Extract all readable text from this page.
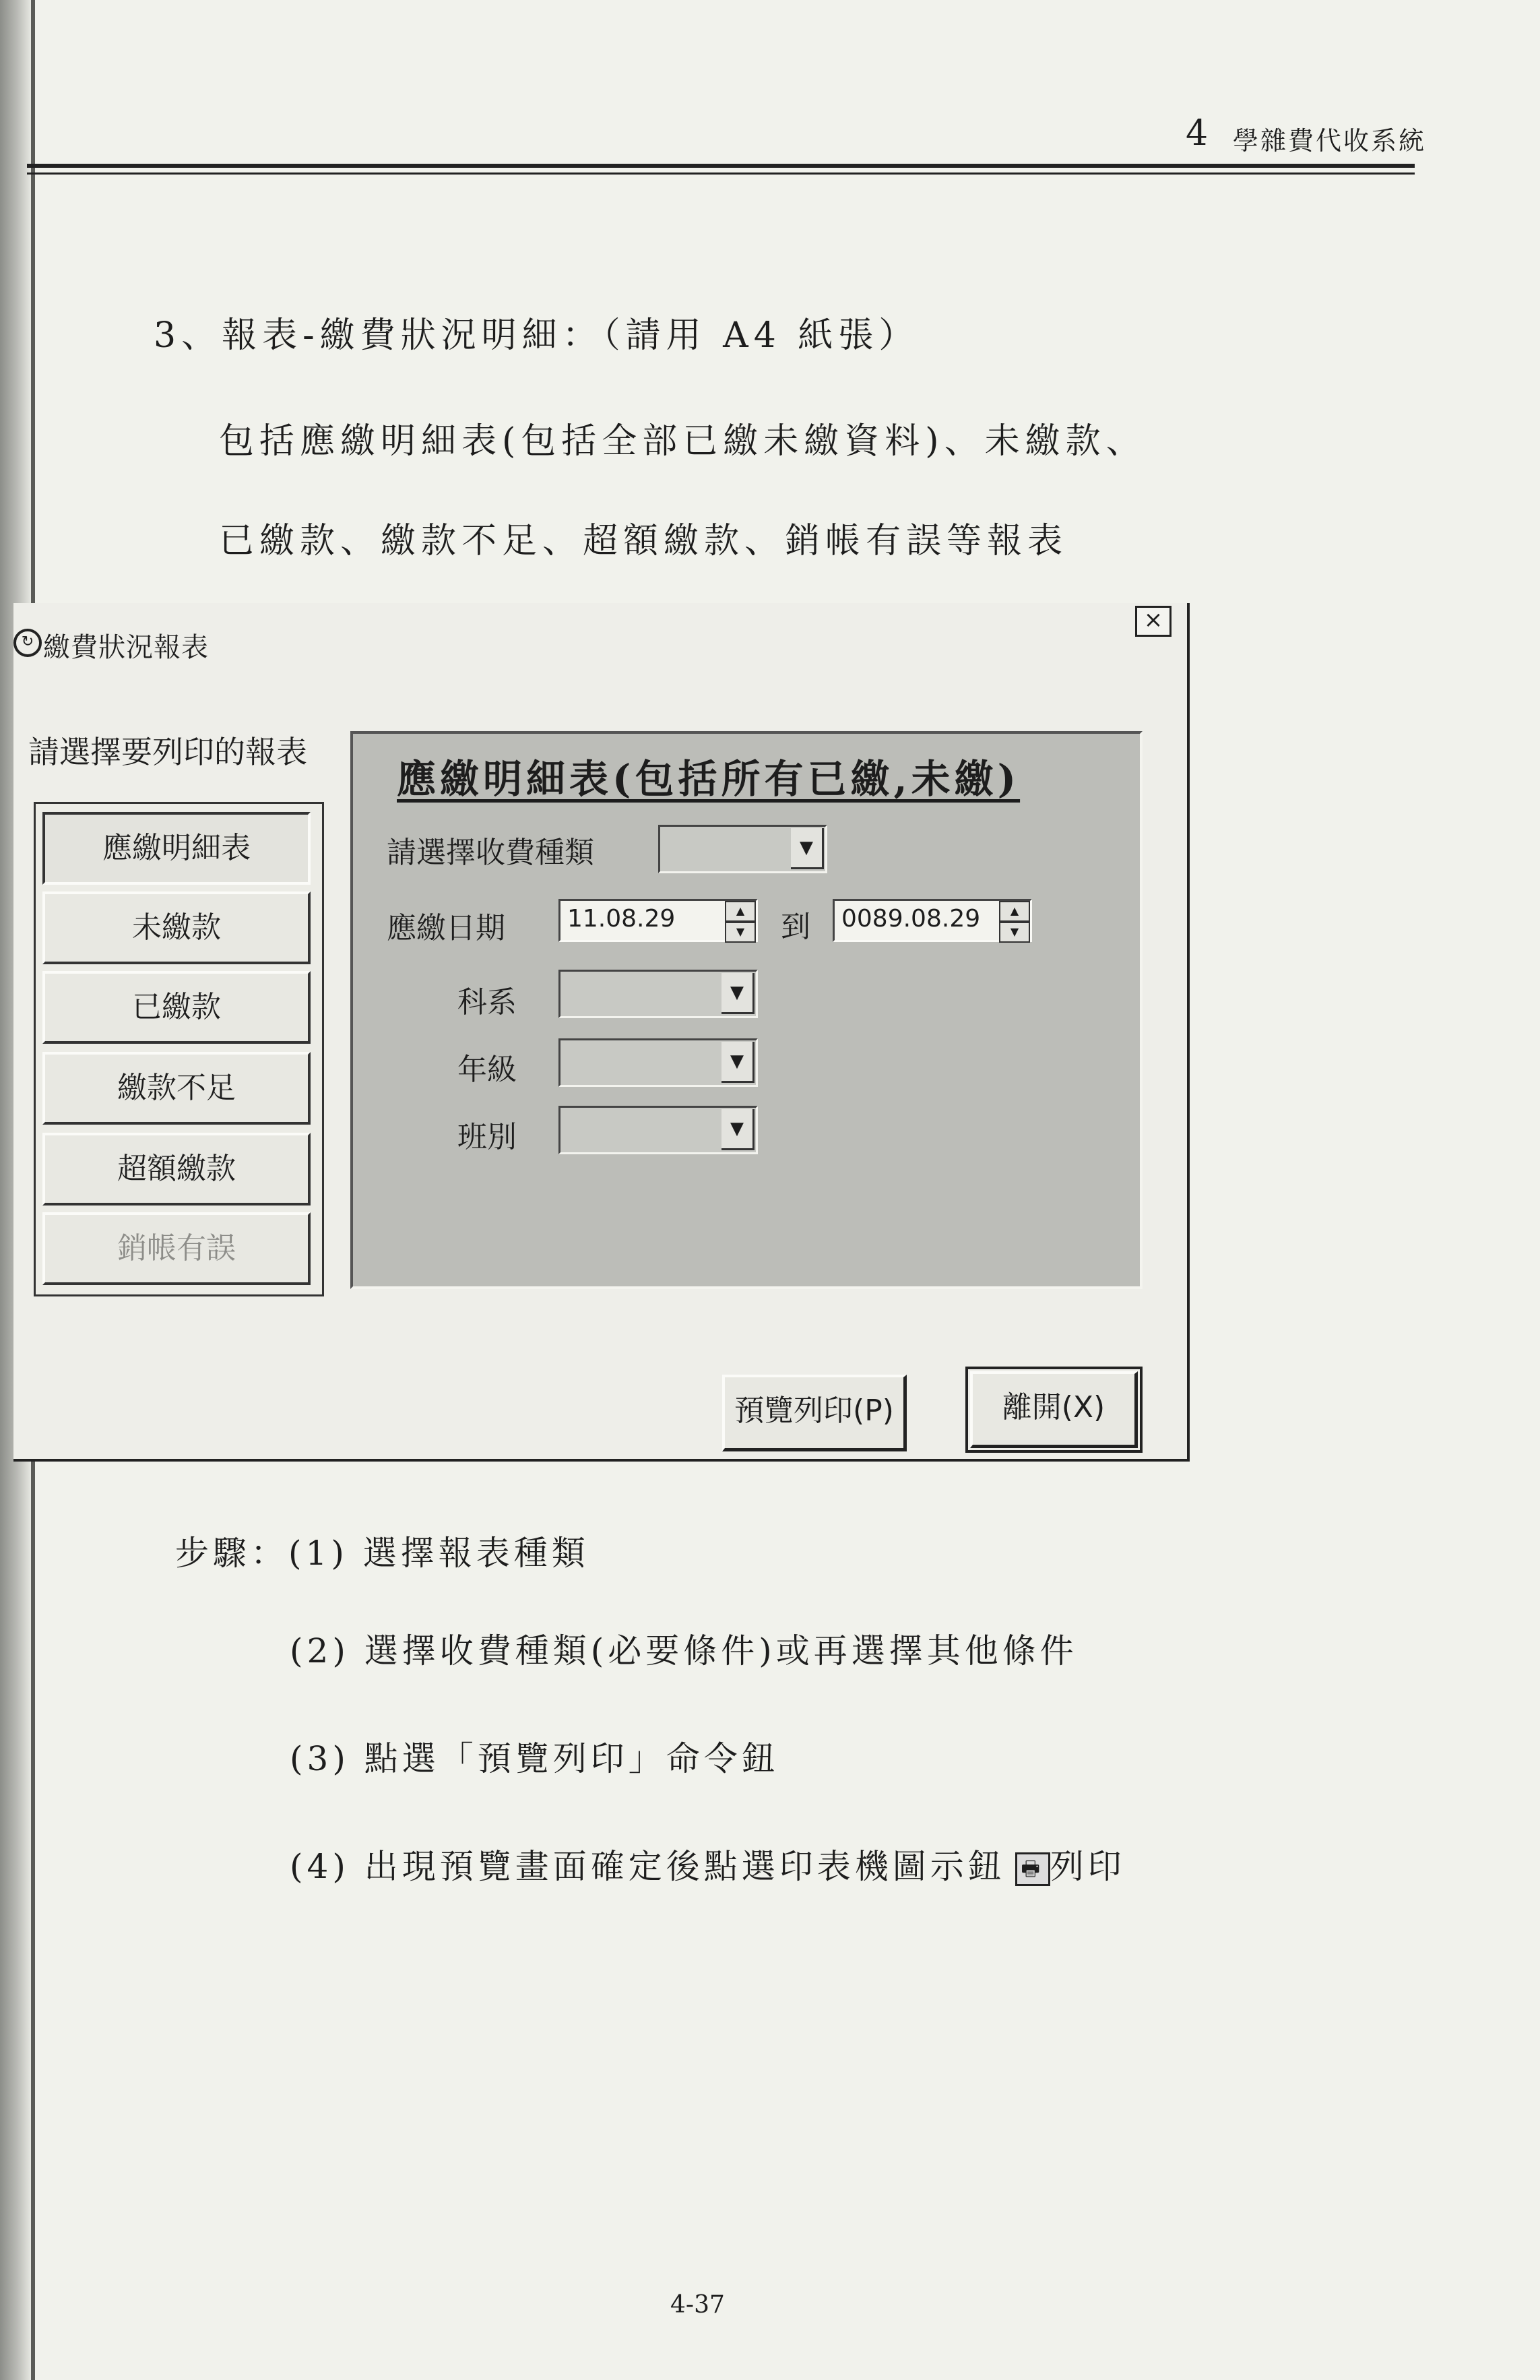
4 學雜費代收系統
3、報表-繳費狀況明細：（請用 A4 紙張）
包括應繳明細表(包括全部已繳未繳資料)、未繳款、
已繳款、繳款不足、超額繳款、銷帳有誤等報表
↻ 繳費狀況報表
×
請選擇要列印的報表
應繳明細表
未繳款
已繳款
繳款不足
超額繳款
銷帳有誤
應繳明細表(包括所有已繳,未繳)
請選擇收費種類	▼
應繳日期	11.08.29	▲
▼	到 0089.08.29	▲
▼
科系	▼
年級	▼
班別	▼
預覽列印(P)	離開(X)
步驟：(1) 選擇報表種類
(2) 選擇收費種類(必要條件)或再選擇其他條件
(3) 點選「預覽列印」命令鈕
(4) 出現預覽畫面確定後點選印表機圖示鈕 🖶 列印
4-37
